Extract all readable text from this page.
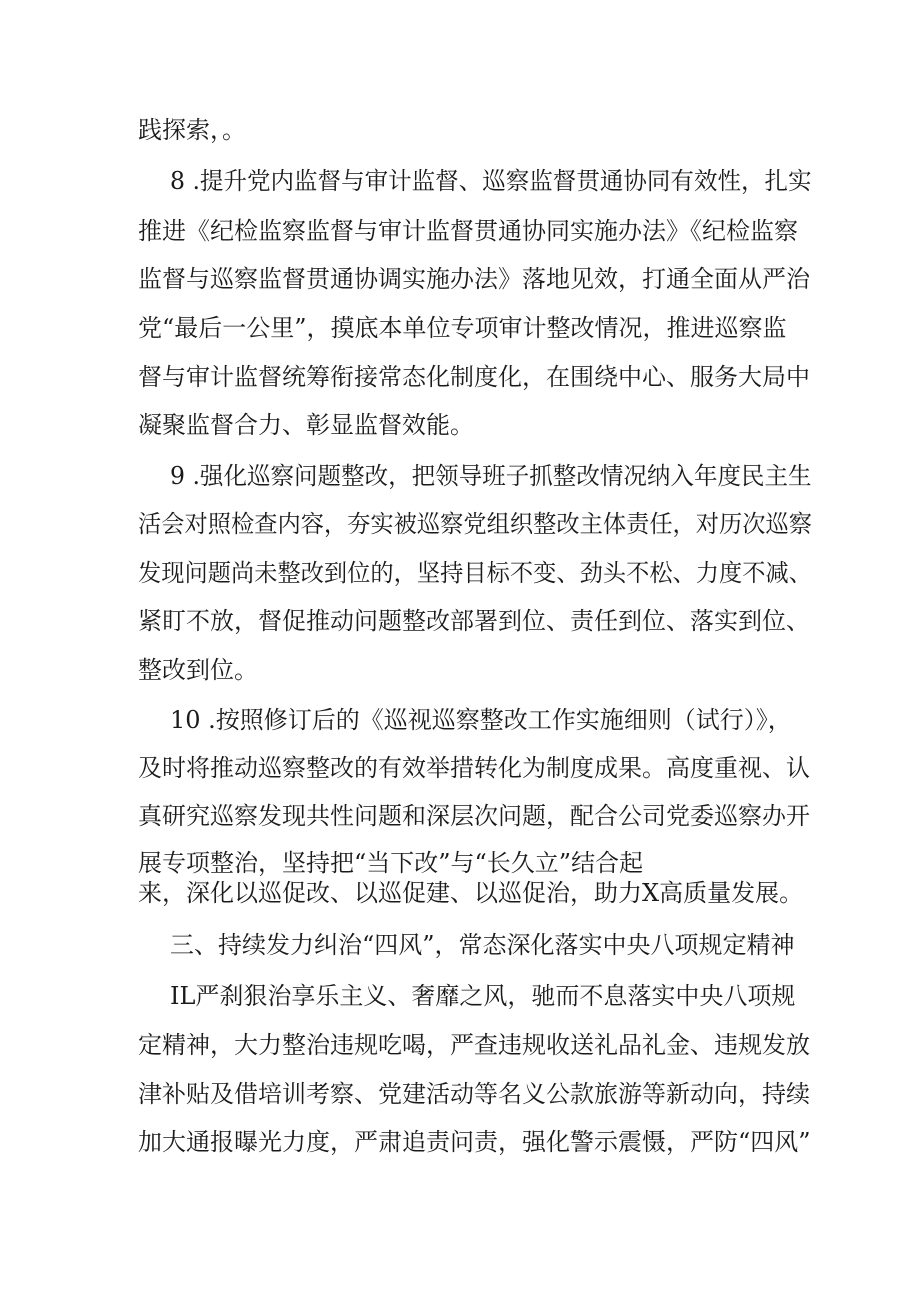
践探索，。
8 .提升党内监督与审计监督、巡察监督贯通协同有效性，扎实
推进《纪检监察监督与审计监督贯通协同实施办法》《纪检监察
监督与巡察监督贯通协调实施办法》落地见效，打通全面从严治
党“最后一公里”，摸底本单位专项审计整改情况，推进巡察监
督与审计监督统筹衔接常态化制度化，在围绕中心、服务大局中
凝聚监督合力、彰显监督效能。
9 .强化巡察问题整改，把领导班子抓整改情况纳入年度民主生
活会对照检查内容，夯实被巡察党组织整改主体责任，对历次巡察
发现问题尚未整改到位的，坚持目标不变、劲头不松、力度不减、
紧盯不放，督促推动问题整改部署到位、责任到位、落实到位、
整改到位。
10 .按照修订后的《巡视巡察整改工作实施细则（试行）》，
及时将推动巡察整改的有效举措转化为制度成果。高度重视、认
真研究巡察发现共性问题和深层次问题，配合公司党委巡察办开
展专项整治，坚持把“当下改”与“长久立”结合起
来，深化以巡促改、以巡促建、以巡促治，助力X高质量发展。
三、持续发力纠治“四风”，常态深化落实中央八项规定精神
IL严刹狠治享乐主义、奢靡之风，驰而不息落实中央八项规
定精神，大力整治违规吃喝，严查违规收送礼品礼金、违规发放
津补贴及借培训考察、党建活动等名义公款旅游等新动向，持续
加大通报曝光力度，严肃追责问责，强化警示震慑，严防“四风”
